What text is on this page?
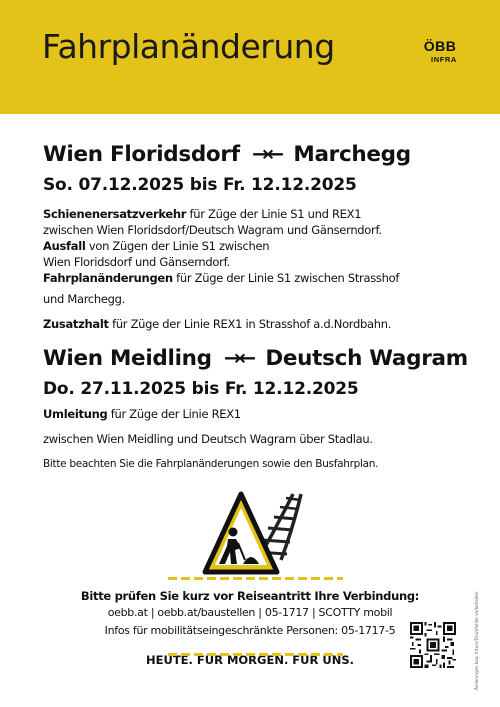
Fahrplanänderung	ÖBB
INFRA
Wien Floridsdorf →← Marchegg
So. 07.12.2025 bis Fr. 12.12.2025
Schienenersatzverkehr für Züge der Linie S1 und REX1
zwischen Wien Floridsdorf/Deutsch Wagram und Gänserndorf.
Ausfall von Zügen der Linie S1 zwischen
Wien Floridsdorf und Gänserndorf.
Fahrplanänderungen für Züge der Linie S1 zwischen Strasshof
und Marchegg.
Zusatzhalt für Züge der Linie REX1 in Strasshof a.d.Nordbahn.
Wien Meidling →← Deutsch Wagram
Do. 27.11.2025 bis Fr. 12.12.2025
Umleitung für Züge der Linie REX1
zwischen Wien Meidling und Deutsch Wagram über Stadlau.
Bitte beachten Sie die Fahrplanänderungen sowie den Busfahrplan.
Bitte prüfen Sie kurz vor Reiseantritt Ihre Verbindung:
oebb.at | oebb.at/baustellen | 05-1717 | SCOTTY mobil
Infos für mobilitätseingeschränkte Personen: 05-1717-5
HEUTE. FÜR MORGEN. FÜR UNS.	Änderungen bzw. Irrtum/Druckfehler vorbehalten
